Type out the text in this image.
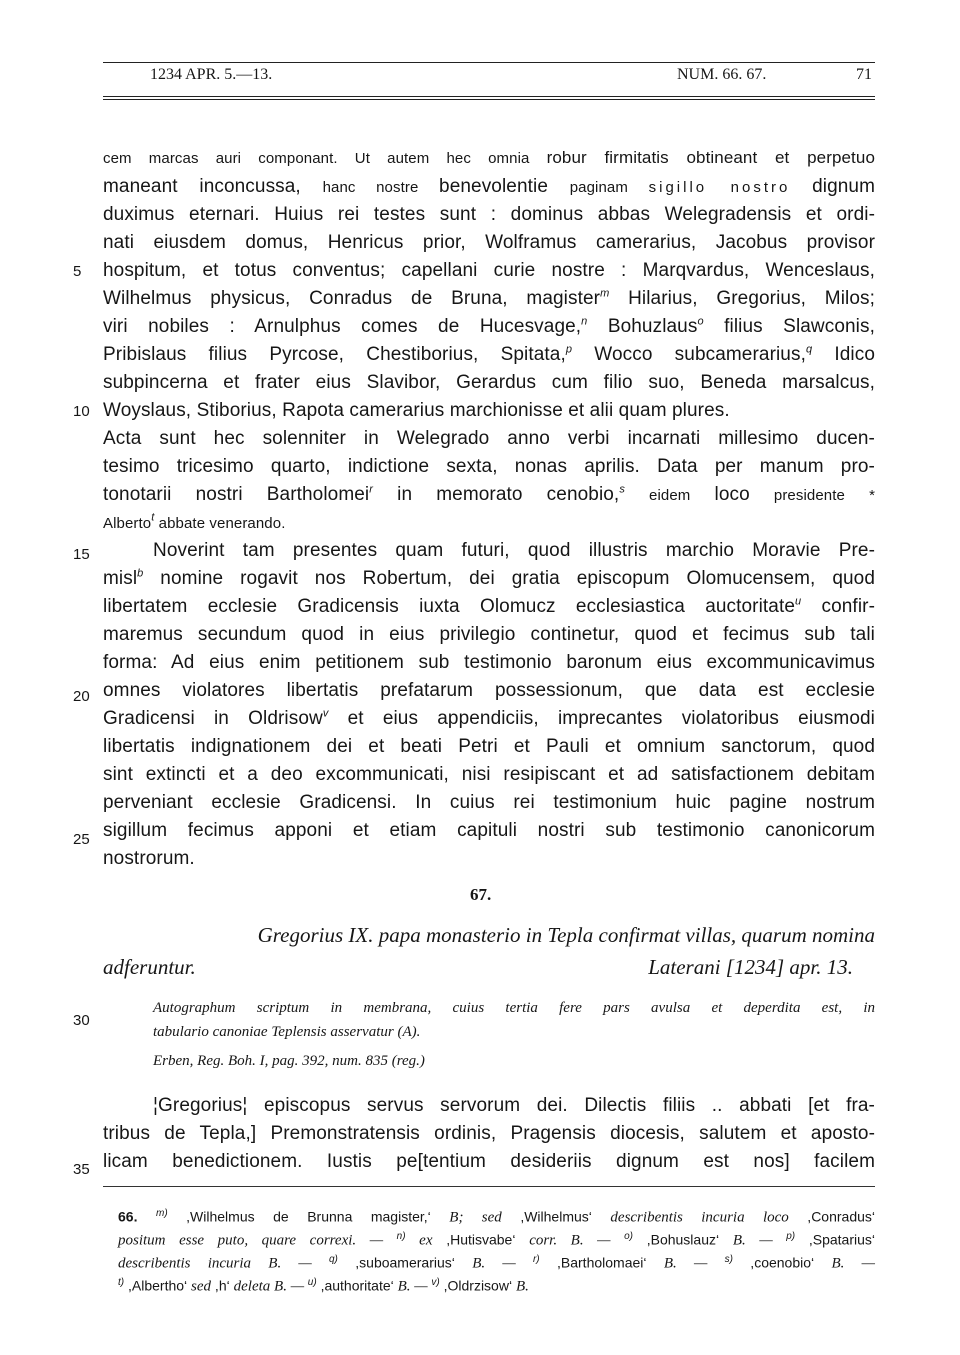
1234 APR. 5.—13.	NUM. 66. 67.	71
cem marcas auri componant. Ut autem hec omnia robur firmitatis obtineant et perpetuo
maneant inconcussa, hanc nostre benevolentie paginam sigillo nostro dignum
duximus eternari. Huius rei testes sunt : dominus abbas Welegradensis et ordi-
nati eiusdem domus, Henricus prior, Wolframus camerarius, Jacobus provisor
hospitum, et totus conventus; capellani curie nostre : Marqvardus, Wenceslaus,
Wilhelmus physicus, Conradus de Bruna, magister$^m$ Hilarius, Gregorius, Milos;
viri nobiles : Arnulphus comes de Hucesvage,$^n$ Bohuzlaus$^o$ filius Slawconis,
Pribislaus filius Pyrcose, Chestiborius, Spitata,$^p$ Wocco subcamerarius,$^q$ Idico
subpincerna et frater eius Slavibor, Gerardus cum filio suo, Beneda marsalcus,
Woyslaus, Stiborius, Rapota camerarius marchionisse et alii quam plures.
Acta sunt hec solenniter in Welegrado anno verbi incarnati millesimo ducen-
tesimo tricesimo quarto, indictione sexta, nonas aprilis. Data per manum pro-
tonotarii nostri Bartholomei$^r$ in memorato cenobio,$^s$ eidem loco presidente *
Alberto$^t$ abbate venerando.
Noverint tam presentes quam futuri, quod illustris marchio Moravie Pre-
misl$^b$ nomine rogavit nos Robertum, dei gratia episcopum Olomucensem, quod
libertatem ecclesie Gradicensis iuxta Olomucz ecclesiastica auctoritate$^u$ confir-
maremus secundum quod in eius privilegio continetur, quod et fecimus sub tali
forma: Ad eius enim petitionem sub testimonio baronum eius excommunicavimus
omnes violatores libertatis prefatarum possessionum, que data est ecclesie
Gradicensi in Oldrisow$^v$ et eius appendiciis, imprecantes violatoribus eiusmodi
libertatis indignationem dei et beati Petri et Pauli et omnium sanctorum, quod
sint extincti et a deo excommunicati, nisi resipiscant et ad satisfactionem debitam
perveniant ecclesie Gradicensi. In cuius rei testimonium huic pagine nostrum
sigillum fecimus apponi et etiam capituli nostri sub testimonio canonicorum
nostrorum.
5
10
15
20
25
30
35
67.
Gregorius IX. papa monasterio in Tepla confirmat villas, quarum nomina
adferuntur.	Laterani [1234] apr. 13.
Autographum scriptum in membrana, cuius tertia fere pars avulsa et deperdita est, in
tabulario canoniae Teplensis asservatur (A).
Erben, Reg. Boh. I, pag. 392, num. 835 (reg.)
¦Gregorius¦ episcopus servus servorum dei. Dilectis filiis .. abbati [et fra-
tribus de Tepla,] Premonstratensis ordinis, Pragensis diocesis, salutem et aposto-
licam benedictionem. Iustis pe[tentium desideriis dignum est nos] facilem
66. $^{m)}$ ,Wilhelmus de Brunna magister,‘ B; sed ,Wilhelmus‘ describentis incuria loco ,Conradus‘
positum esse puto, quare correxi. — $^{n)}$ ex ,Hutisvabe‘ corr. B. — $^{o)}$ ,Bohuslauz‘ B. — $^{p)}$ ,Spatarius‘
describentis incuria B. — $^{q)}$ ,suboamerarius‘ B. — $^{r)}$ ,Bartholomaei‘ B. — $^{s)}$ ,coenobio‘ B. —
$^{t)}$ ,Albertho‘ sed ,h‘ deleta B. — $^{u)}$ ,authoritate‘ B. — $^{v)}$ ,Oldrzisow‘ B.
